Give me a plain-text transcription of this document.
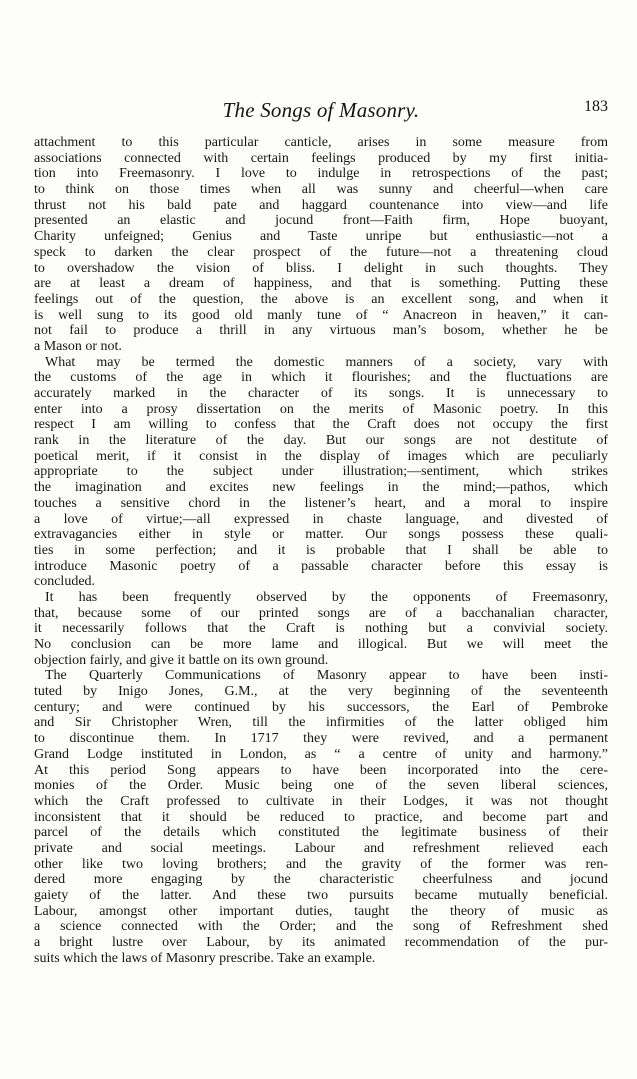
The Songs of Masonry.	183
attachment to this particular canticle, arises in some measure from
associations connected with certain feelings produced by my first initia-
tion into Freemasonry. I love to indulge in retrospections of the past;
to think on those times when all was sunny and cheerful—when care
thrust not his bald pate and haggard countenance into view—and life
presented an elastic and jocund front—Faith firm, Hope buoyant,
Charity unfeigned; Genius and Taste unripe but enthusiastic—not a
speck to darken the clear prospect of the future—not a threatening cloud
to overshadow the vision of bliss. I delight in such thoughts. They
are at least a dream of happiness, and that is something. Putting these
feelings out of the question, the above is an excellent song, and when it
is well sung to its good old manly tune of “ Anacreon in heaven,” it can-
not fail to produce a thrill in any virtuous man’s bosom, whether he be
a Mason or not.
What may be termed the domestic manners of a society, vary with
the customs of the age in which it flourishes; and the fluctuations are
accurately marked in the character of its songs. It is unnecessary to
enter into a prosy dissertation on the merits of Masonic poetry. In this
respect I am willing to confess that the Craft does not occupy the first
rank in the literature of the day. But our songs are not destitute of
poetical merit, if it consist in the display of images which are peculiarly
appropriate to the subject under illustration;—sentiment, which strikes
the imagination and excites new feelings in the mind;—pathos, which
touches a sensitive chord in the listener’s heart, and a moral to inspire
a love of virtue;—all expressed in chaste language, and divested of
extravagancies either in style or matter. Our songs possess these quali-
ties in some perfection; and it is probable that I shall be able to
introduce Masonic poetry of a passable character before this essay is
concluded.
It has been frequently observed by the opponents of Freemasonry,
that, because some of our printed songs are of a bacchanalian character,
it necessarily follows that the Craft is nothing but a convivial society.
No conclusion can be more lame and illogical. But we will meet the
objection fairly, and give it battle on its own ground.
The Quarterly Communications of Masonry appear to have been insti-
tuted by Inigo Jones, G.M., at the very beginning of the seventeenth
century; and were continued by his successors, the Earl of Pembroke
and Sir Christopher Wren, till the infirmities of the latter obliged him
to discontinue them. In 1717 they were revived, and a permanent
Grand Lodge instituted in London, as “ a centre of unity and harmony.”
At this period Song appears to have been incorporated into the cere-
monies of the Order. Music being one of the seven liberal sciences,
which the Craft professed to cultivate in their Lodges, it was not thought
inconsistent that it should be reduced to practice, and become part and
parcel of the details which constituted the legitimate business of their
private and social meetings. Labour and refreshment relieved each
other like two loving brothers; and the gravity of the former was ren-
dered more engaging by the characteristic cheerfulness and jocund
gaiety of the latter. And these two pursuits became mutually beneficial.
Labour, amongst other important duties, taught the theory of music as
a science connected with the Order; and the song of Refreshment shed
a bright lustre over Labour, by its animated recommendation of the pur-
suits which the laws of Masonry prescribe. Take an example.
